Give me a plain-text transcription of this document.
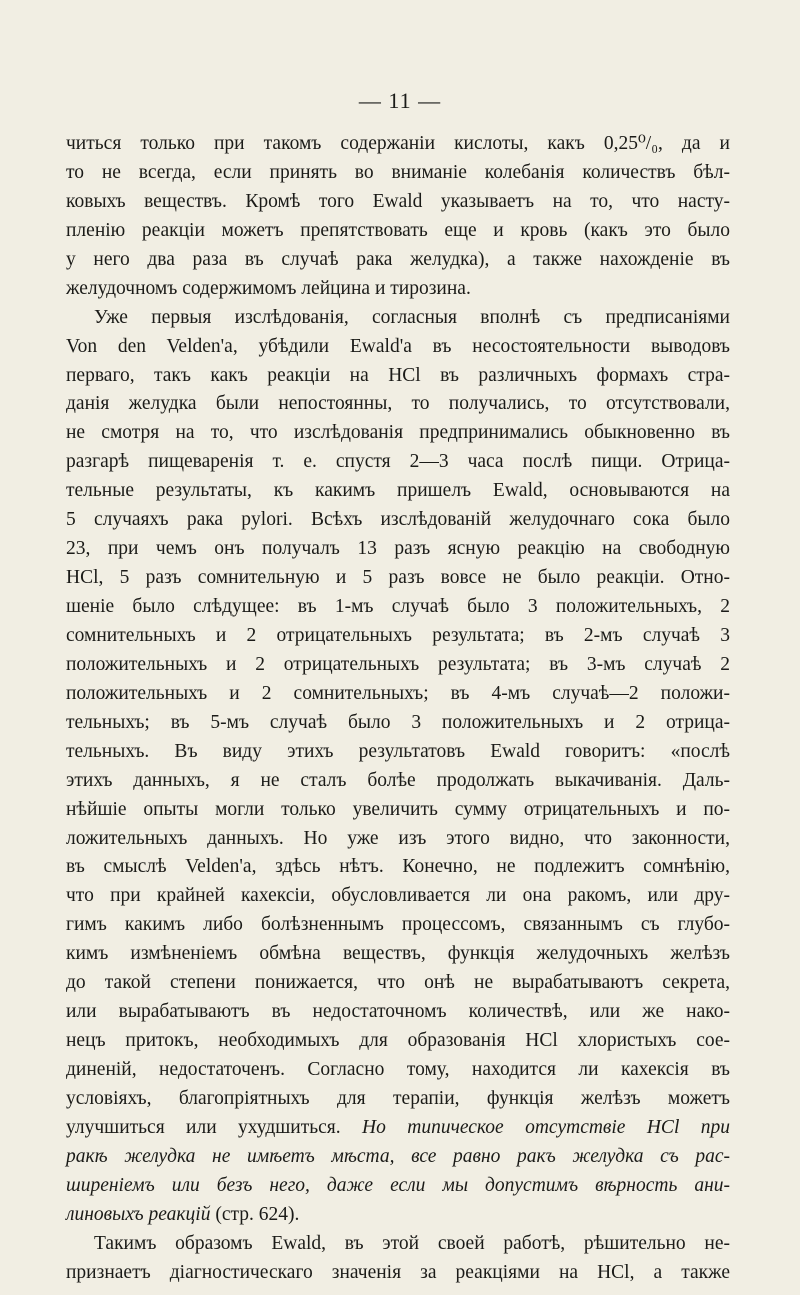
— 11 —
читься только при такомъ содержанiи кислоты, какъ 0,25⁰/₀, да и
то не всегда, если принять во вниманiе колебанiя количествъ бѣл-
ковыхъ веществъ. Кромѣ того Ewald указываетъ на то, что насту-
пленiю реакцiи можетъ препятствовать еще и кровь (какъ это было
у него два раза въ случаѣ рака желудка), а также нахожденiе въ
желудочномъ содержимомъ лейцина и тирозина.
Уже первыя изслѣдованiя, согласныя вполнѣ съ предписанiями
Von den Velden'а, убѣдили Ewald'а въ несостоятельности выводовъ
перваго, такъ какъ реакцiи на HCl въ различныхъ формахъ стра-
данiя желудка были непостоянны, то получались, то отсутствовали,
не смотря на то, что изслѣдованiя предпринимались обыкновенно въ
разгарѣ пищеваренiя т. е. спустя 2—3 часа послѣ пищи. Отрица-
тельные результаты, къ какимъ пришелъ Ewald, основываются на
5 случаяхъ рака pylori. Всѣхъ изслѣдованiй желудочнаго сока было
23, при чемъ онъ получалъ 13 разъ ясную реакцiю на свободную
HCl, 5 разъ сомнительную и 5 разъ вовсе не было реакцiи. Отно-
шенiе было слѣдущее: въ 1-мъ случаѣ было 3 положительныхъ, 2
сомнительныхъ и 2 отрицательныхъ результата; въ 2-мъ случаѣ 3
положительныхъ и 2 отрицательныхъ результата; въ 3-мъ случаѣ 2
положительныхъ и 2 сомнительныхъ; въ 4-мъ случаѣ—2 положи-
тельныхъ; въ 5-мъ случаѣ было 3 положительныхъ и 2 отрица-
тельныхъ. Въ виду этихъ результатовъ Ewald говоритъ: «послѣ
этихъ данныхъ, я не сталъ болѣе продолжать выкачиванiя. Даль-
нѣйшiе опыты могли только увеличить сумму отрицательныхъ и по-
ложительныхъ данныхъ. Но уже изъ этого видно, что законности,
въ смыслѣ Velden'а, здѣсь нѣтъ. Конечно, не подлежитъ сомнѣнiю,
что при крайней кахексiи, обусловливается ли она ракомъ, или дру-
гимъ какимъ либо болѣзненнымъ процессомъ, связаннымъ съ глубо-
кимъ измѣненiемъ обмѣна веществъ, функцiя желудочныхъ желѣзъ
до такой степени понижается, что онѣ не вырабатываютъ секрета,
или вырабатываютъ въ недостаточномъ количествѣ, или же нако-
нецъ притокъ, необходимыхъ для образованiя HCl хлористыхъ сое-
диненiй, недостаточенъ. Согласно тому, находится ли кахексiя въ
условiяхъ, благопрiятныхъ для терапiи, функцiя желѣзъ можетъ
улучшиться или ухудшиться. Но типическое отсутствiе HCl при
ракѣ желудка не имѣетъ мѣста, все равно ракъ желудка съ рас-
ширенiемъ или безъ него, даже если мы допустимъ вѣрность ани-
линовыхъ реакцiй (стр. 624).
Такимъ образомъ Ewald, въ этой своей работѣ, рѣшительно не-
признаетъ дiагностическаго значенiя за реакцiями на HCl, а также
